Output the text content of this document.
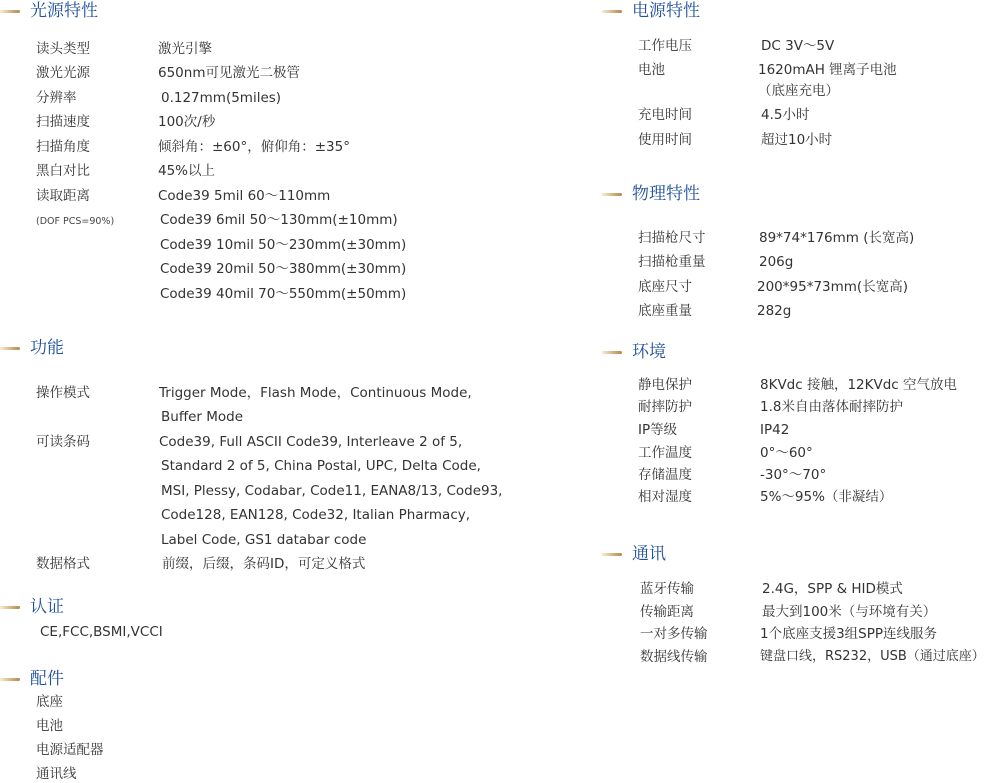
光源特性
读头类型	激光引擎
激光光源	650nm可见激光二极管
分辨率	0.127mm(5miles)
扫描速度	100次/秒
扫描角度	倾斜角：±60°，俯仰角：±35°
黑白对比	45%以上
读取距离	Code39 5mil 60～110mm
(DOF PCS=90%)	Code39 6mil 50～130mm(±10mm)
Code39 10mil 50～230mm(±30mm)
Code39 20mil 50～380mm(±30mm)
Code39 40mil 70～550mm(±50mm)
功能
操作模式	Trigger Mode，Flash Mode，Continuous Mode,
Buffer Mode
可读条码	Code39, Full ASCII Code39, Interleave 2 of 5,
Standard 2 of 5, China Postal, UPC, Delta Code,
MSI, Plessy, Codabar, Code11, EANA8/13, Code93,
Code128, EAN128, Code32, Italian Pharmacy,
Label Code, GS1 databar code
数据格式	前缀，后缀，条码ID，可定义格式
认证
CE,FCC,BSMI,VCCI
配件
底座
电池
电源适配器
通讯线
电源特性
工作电压	DC 3V～5V
电池	1620mAH 锂离子电池
（底座充电）
充电时间	4.5小时
使用时间	超过10小时
物理特性
扫描枪尺寸	89*74*176mm (长宽高)
扫描枪重量	206g
底座尺寸	200*95*73mm(长宽高)
底座重量	282g
环境
静电保护	8KVdc 接触，12KVdc 空气放电
耐摔防护	1.8米自由落体耐摔防护
IP等级	IP42
工作温度	0°～60°
存储温度	-30°～70°
相对湿度	5%～95%（非凝结）
通讯
蓝牙传输	2.4G，SPP & HID模式
传输距离	最大到100米（与环境有关）
一对多传输	1个底座支援3组SPP连线服务
数据线传输	键盘口线，RS232，USB（通过底座）
